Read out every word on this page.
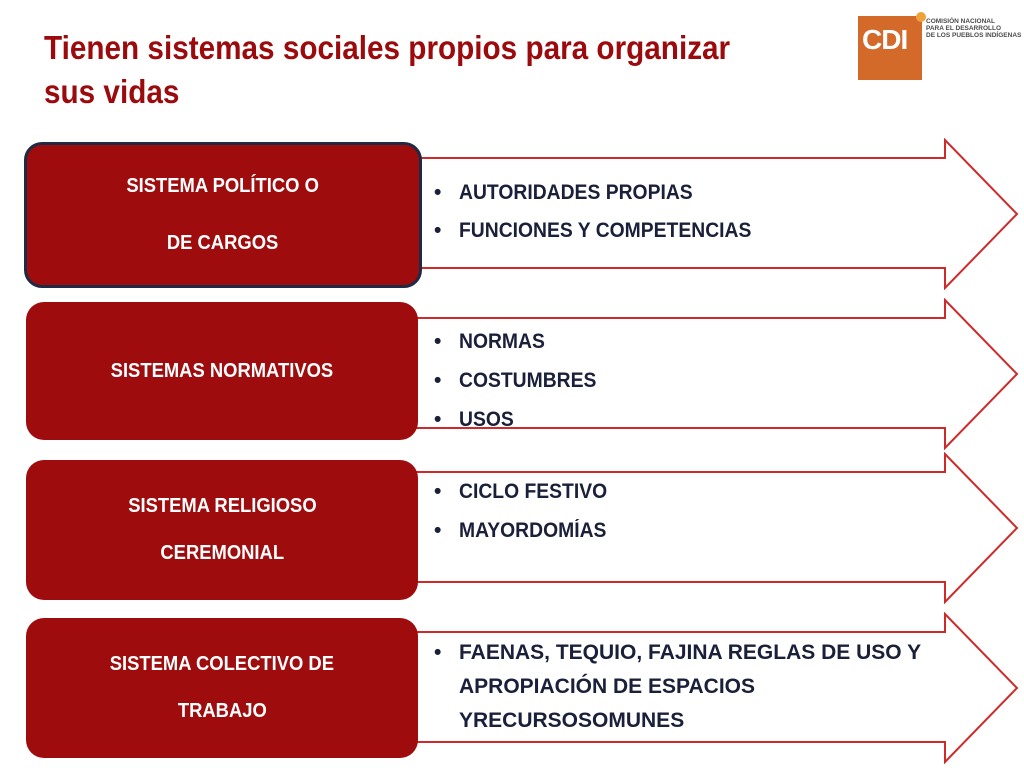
Tienen sistemas sociales propios para organizar
sus vidas
CDI
COMISIÓN NACIONAL
PARA EL DESARROLLO
DE LOS PUEBLOS INDÍGENAS
SISTEMA POLÍTICO O
DE CARGOS
• AUTORIDADES PROPIAS
• FUNCIONES Y COMPETENCIAS
SISTEMAS NORMATIVOS
• NORMAS
• COSTUMBRES
• USOS
SISTEMA RELIGIOSO
CEREMONIAL
• CICLO FESTIVO
• MAYORDOMÍAS
SISTEMA COLECTIVO DE
TRABAJO
• FAENAS, TEQUIO, FAJINA REGLAS DE USO Y APROPIACIÓN DE ESPACIOS YRECURSOSOMUNES
